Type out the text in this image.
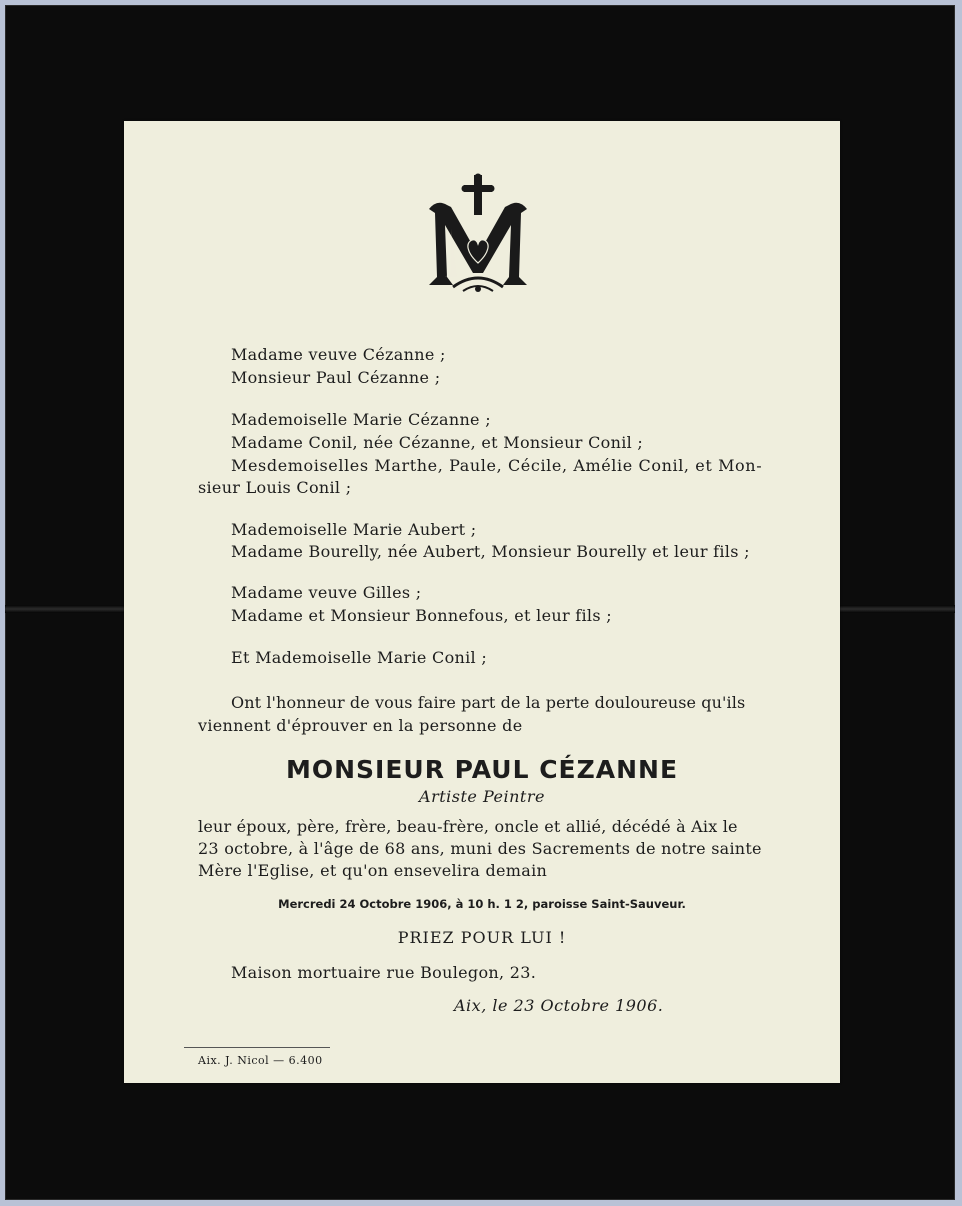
Madame veuve Cézanne ;
Monsieur Paul Cézanne ;
Mademoiselle Marie Cézanne ;
Madame Conil, née Cézanne, et Monsieur Conil ;
Mesdemoiselles Marthe, Paule, Cécile, Amélie Conil, et Mon-
sieur Louis Conil ;
Mademoiselle Marie Aubert ;
Madame Bourelly, née Aubert, Monsieur Bourelly et leur fils ;
Madame veuve Gilles ;
Madame et Monsieur Bonnefous, et leur fils ;
Et Mademoiselle Marie Conil ;
Ont l'honneur de vous faire part de la perte douloureuse qu'ils
viennent d'éprouver en la personne de
MONSIEUR PAUL CÉZANNE
Artiste Peintre
leur époux, père, frère, beau-frère, oncle et allié, décédé à Aix le
23 octobre, à l'âge de 68 ans, muni des Sacrements de notre sainte
Mère l'Eglise, et qu'on ensevelira demain
Mercredi 24 Octobre 1906, à 10 h. 1 2, paroisse Saint-Sauveur.
PRIEZ POUR LUI !
Maison mortuaire rue Boulegon, 23.
Aix, le 23 Octobre 1906.
Aix. J. Nicol — 6.400
